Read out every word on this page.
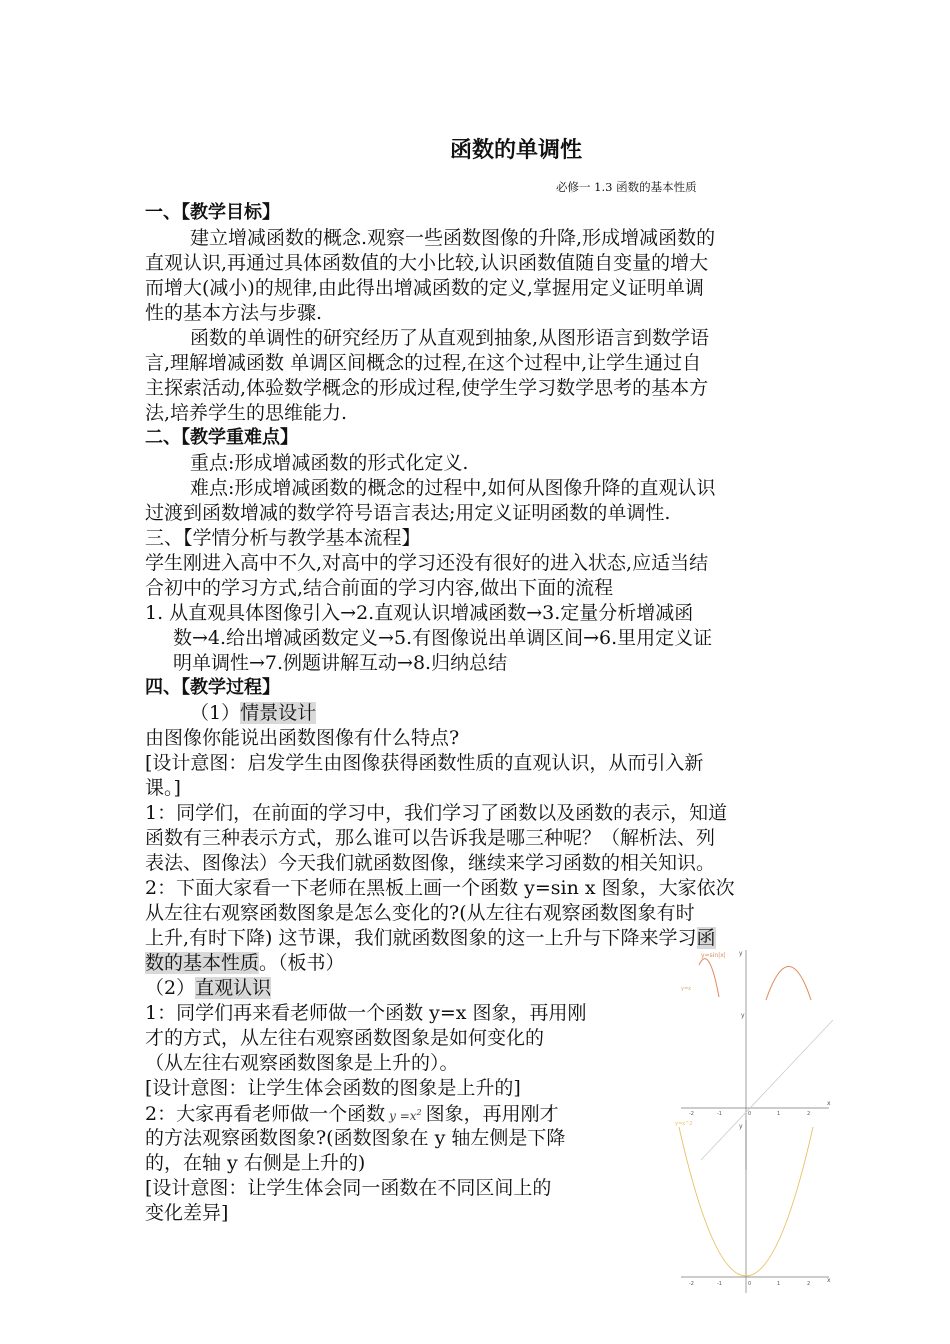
函数的单调性
必修一 1.3 函数的基本性质
一、【教学目标】
建立增减函数的概念.观察一些函数图像的升降,形成增减函数的
直观认识,再通过具体函数值的大小比较,认识函数值随自变量的增大
而增大(减小)的规律,由此得出增减函数的定义,掌握用定义证明单调
性的基本方法与步骤.
函数的单调性的研究经历了从直观到抽象,从图形语言到数学语
言,理解增减函数 单调区间概念的过程,在这个过程中,让学生通过自
主探索活动,体验数学概念的形成过程,使学生学习数学思考的基本方
法,培养学生的思维能力.
二、【教学重难点】
重点:形成增减函数的形式化定义.
难点:形成增减函数的概念的过程中,如何从图像升降的直观认识
过渡到函数增减的数学符号语言表达;用定义证明函数的单调性.
三、【学情分析与教学基本流程】
学生刚进入高中不久,对高中的学习还没有很好的进入状态,应适当结
合初中的学习方式,结合前面的学习内容,做出下面的流程
1. 从直观具体图像引入→2.直观认识增减函数→3.定量分析增减函
数→4.给出增减函数定义→5.有图像说出单调区间→6.里用定义证
明单调性→7.例题讲解互动→8.归纳总结
四、【教学过程】
（1）情景设计
由图像你能说出函数图像有什么特点?
[设计意图：启发学生由图像获得函数性质的直观认识，从而引入新
课。]
1：同学们，在前面的学习中，我们学习了函数以及函数的表示，知道
函数有三种表示方式，那么谁可以告诉我是哪三种呢？（解析法、列
表法、图像法）今天我们就函数图像，继续来学习函数的相关知识。
2：下面大家看一下老师在黑板上画一个函数 y=sin x 图象，大家依次
从左往右观察函数图象是怎么变化的?(从左往右观察函数图象有时
上升,有时下降) 这节课，我们就函数图象的这一上升与下降来学习函
数的基本性质。（板书）
（2）直观认识
1：同学们再来看老师做一个函数 y=x 图象，再用刚
才的方式，从左往右观察函数图象是如何变化的
（从左往右观察函数图象是上升的）。
[设计意图：让学生体会函数的图象是上升的]
2：大家再看老师做一个函数 $y =x^2$ 图象，再用刚才
的方法观察函数图象?(函数图象在 y 轴左侧是下降
的，在轴 y 右侧是上升的)
[设计意图：让学生体会同一函数在不同区间上的
变化差异]
y=sin|x|
y=x
y
y
x
-2	-1	0	1	2
y=x^2	y
x
-2	-1	0	1	2
